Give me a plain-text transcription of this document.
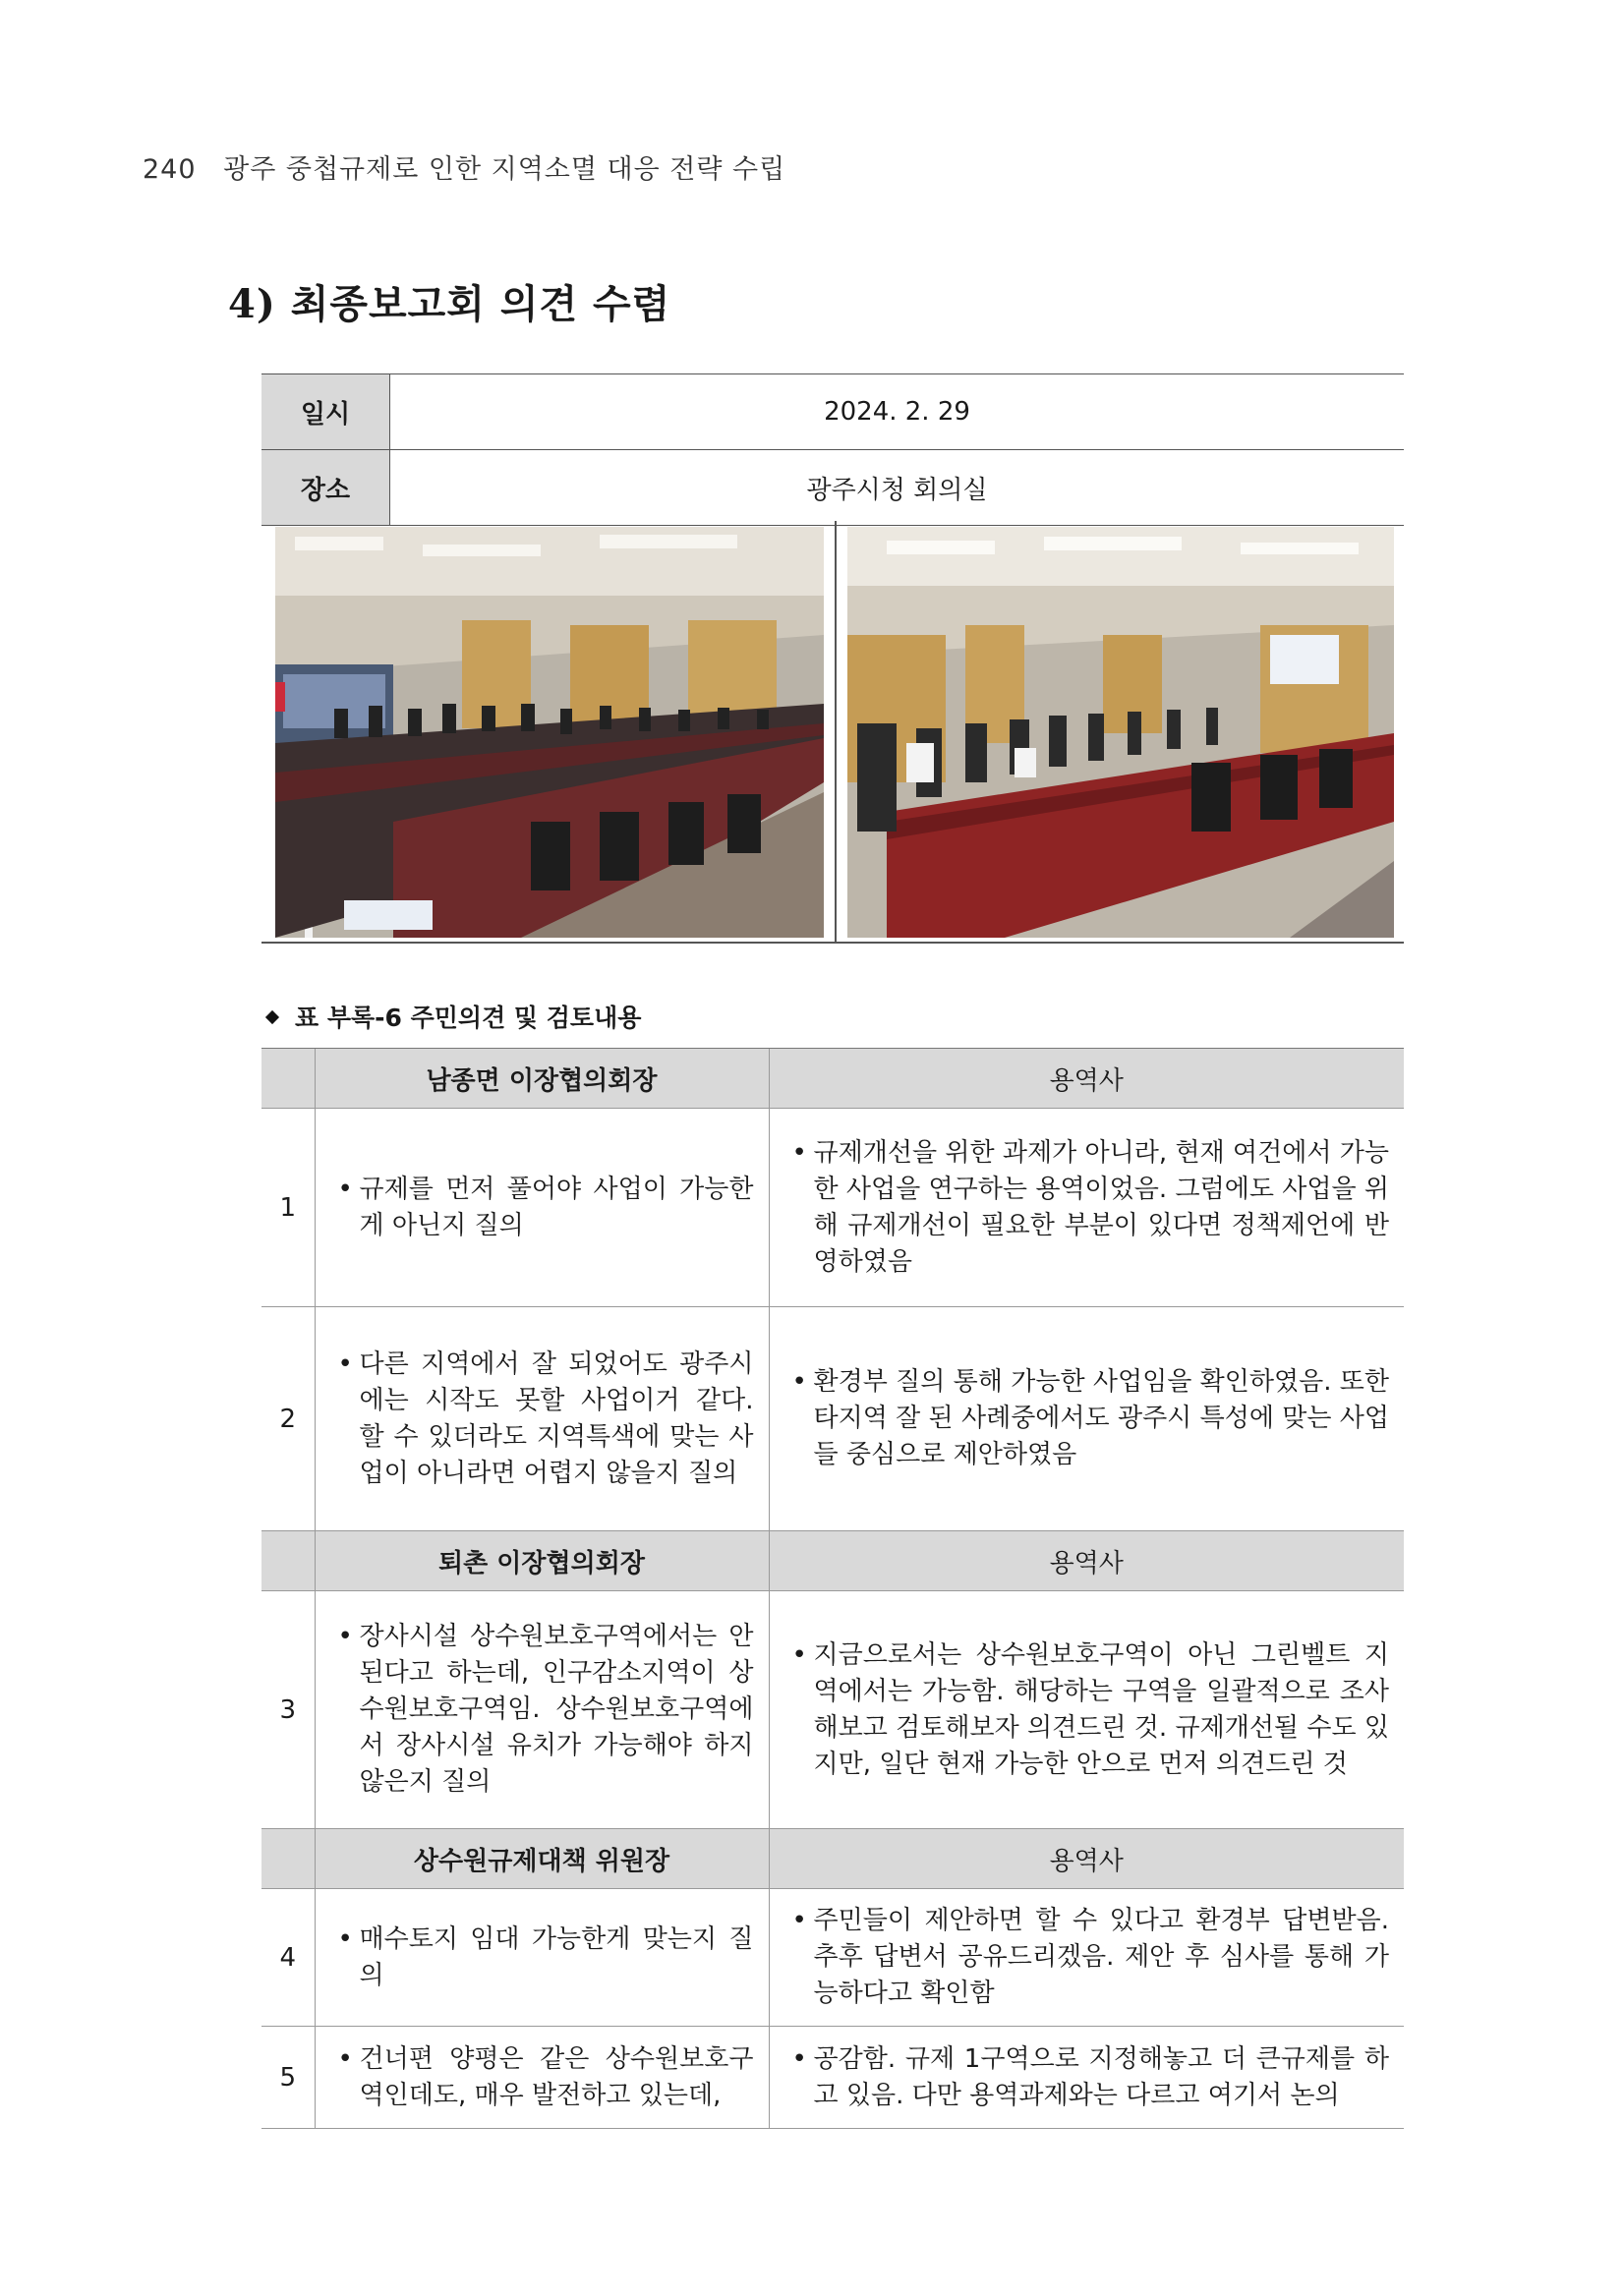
240 광주 중첩규제로 인한 지역소멸 대응 전략 수립
4) 최종보고회 의견 수렴
일시	2024. 2. 29
장소	광주시청 회의실
표 부록-6 주민의견 및 검토내용
	남종면 이장협의회장	용역사
1	• 규제를 먼저 풀어야 사업이 가능한게 아닌지 질의	• 규제개선을 위한 과제가 아니라, 현재 여건에서 가능한 사업을 연구하는 용역이었음. 그럼에도 사업을 위해 규제개선이 필요한 부분이 있다면 정책제언에 반영하였음

2	• 다른 지역에서 잘 되었어도 광주시에는 시작도 못할 사업이거 같다. 할 수 있더라도 지역특색에 맞는 사업이 아니라면 어렵지 않을지 질의	• 환경부 질의 통해 가능한 사업임을 확인하였음. 또한 타지역 잘 된 사례중에서도 광주시 특성에 맞는 사업들 중심으로 제안하였음

	퇴촌 이장협의회장	용역사
3	• 장사시설 상수원보호구역에서는 안된다고 하는데, 인구감소지역이 상수원보호구역임. 상수원보호구역에서 장사시설 유치가 가능해야 하지 않은지 질의	• 지금으로서는 상수원보호구역이 아닌 그린벨트 지역에서는 가능함. 해당하는 구역을 일괄적으로 조사해보고 검토해보자 의견드린 것. 규제개선될 수도 있지만, 일단 현재 가능한 안으로 먼저 의견드린 것

	상수원규제대책 위원장	용역사
4	• 매수토지 임대 가능한게 맞는지 질의	• 주민들이 제안하면 할 수 있다고 환경부 답변받음. 추후 답변서 공유드리겠음. 제안 후 심사를 통해 가능하다고 확인함

5	• 건너편 양평은 같은 상수원보호구역인데도, 매우 발전하고 있는데,	• 공감함. 규제 1구역으로 지정해놓고 더 큰규제를 하고 있음. 다만 용역과제와는 다르고 여기서 논의
